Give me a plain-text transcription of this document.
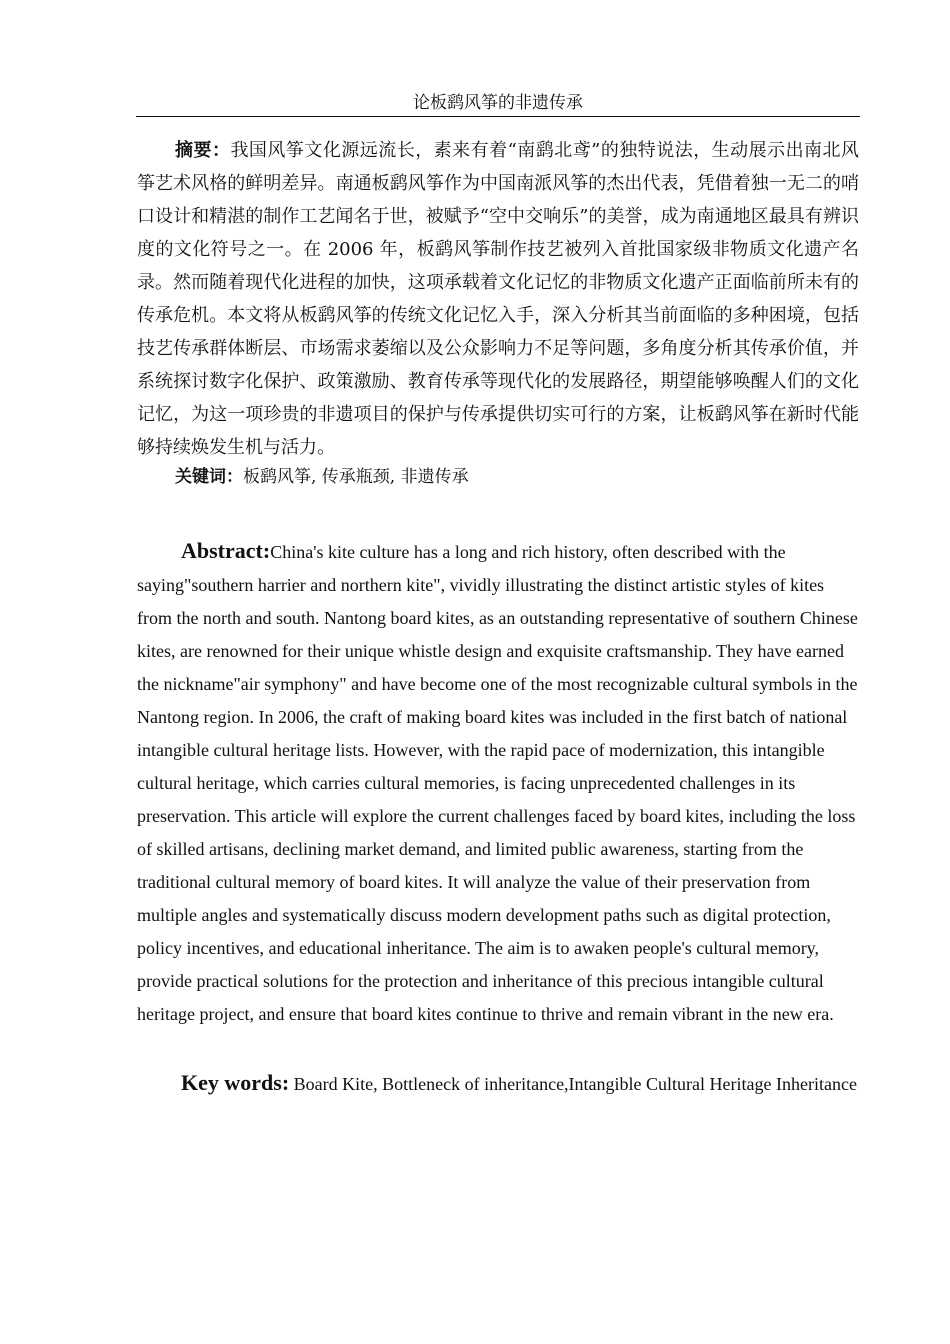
论板鹞风筝的非遗传承

摘要：我国风筝文化源远流长，素来有着“南鹞北鸢”的独特说法，生动展示出南北风筝艺术风格的鲜明差异。南通板鹞风筝作为中国南派风筝的杰出代表，凭借着独一无二的哨口设计和精湛的制作工艺闻名于世，被赋予“空中交响乐”的美誉，成为南通地区最具有辨识度的文化符号之一。在 2006 年，板鹞风筝制作技艺被列入首批国家级非物质文化遗产名录。然而随着现代化进程的加快，这项承载着文化记忆的非物质文化遗产正面临前所未有的传承危机。本文将从板鹞风筝的传统文化记忆入手，深入分析其当前面临的多种困境，包括技艺传承群体断层、市场需求萎缩以及公众影响力不足等问题，多角度分析其传承价值，并系统探讨数字化保护、政策激励、教育传承等现代化的发展路径，期望能够唤醒人们的文化记忆，为这一项珍贵的非遗项目的保护与传承提供切实可行的方案，让板鹞风筝在新时代能够持续焕发生机与活力。

关键词：板鹞风筝, 传承瓶颈, 非遗传承

Abstract:China's kite culture has a long and rich history, often described with the saying"southern harrier and northern kite", vividly illustrating the distinct artistic styles of kites from the north and south. Nantong board kites, as an outstanding representative of southern Chinese kites, are renowned for their unique whistle design and exquisite craftsmanship. They have earned the nickname"air symphony" and have become one of the most recognizable cultural symbols in the Nantong region. In 2006, the craft of making board kites was included in the first batch of national intangible cultural heritage lists. However, with the rapid pace of modernization, this intangible cultural heritage, which carries cultural memories, is facing unprecedented challenges in its preservation. This article will explore the current challenges faced by board kites, including the loss of skilled artisans, declining market demand, and limited public awareness, starting from the traditional cultural memory of board kites. It will analyze the value of their preservation from multiple angles and systematically discuss modern development paths such as digital protection, policy incentives, and educational inheritance. The aim is to awaken people's cultural memory, provide practical solutions for the protection and inheritance of this precious intangible cultural heritage project, and ensure that board kites continue to thrive and remain vibrant in the new era.

Key words: Board Kite, Bottleneck of inheritance,Intangible Cultural Heritage Inheritance
